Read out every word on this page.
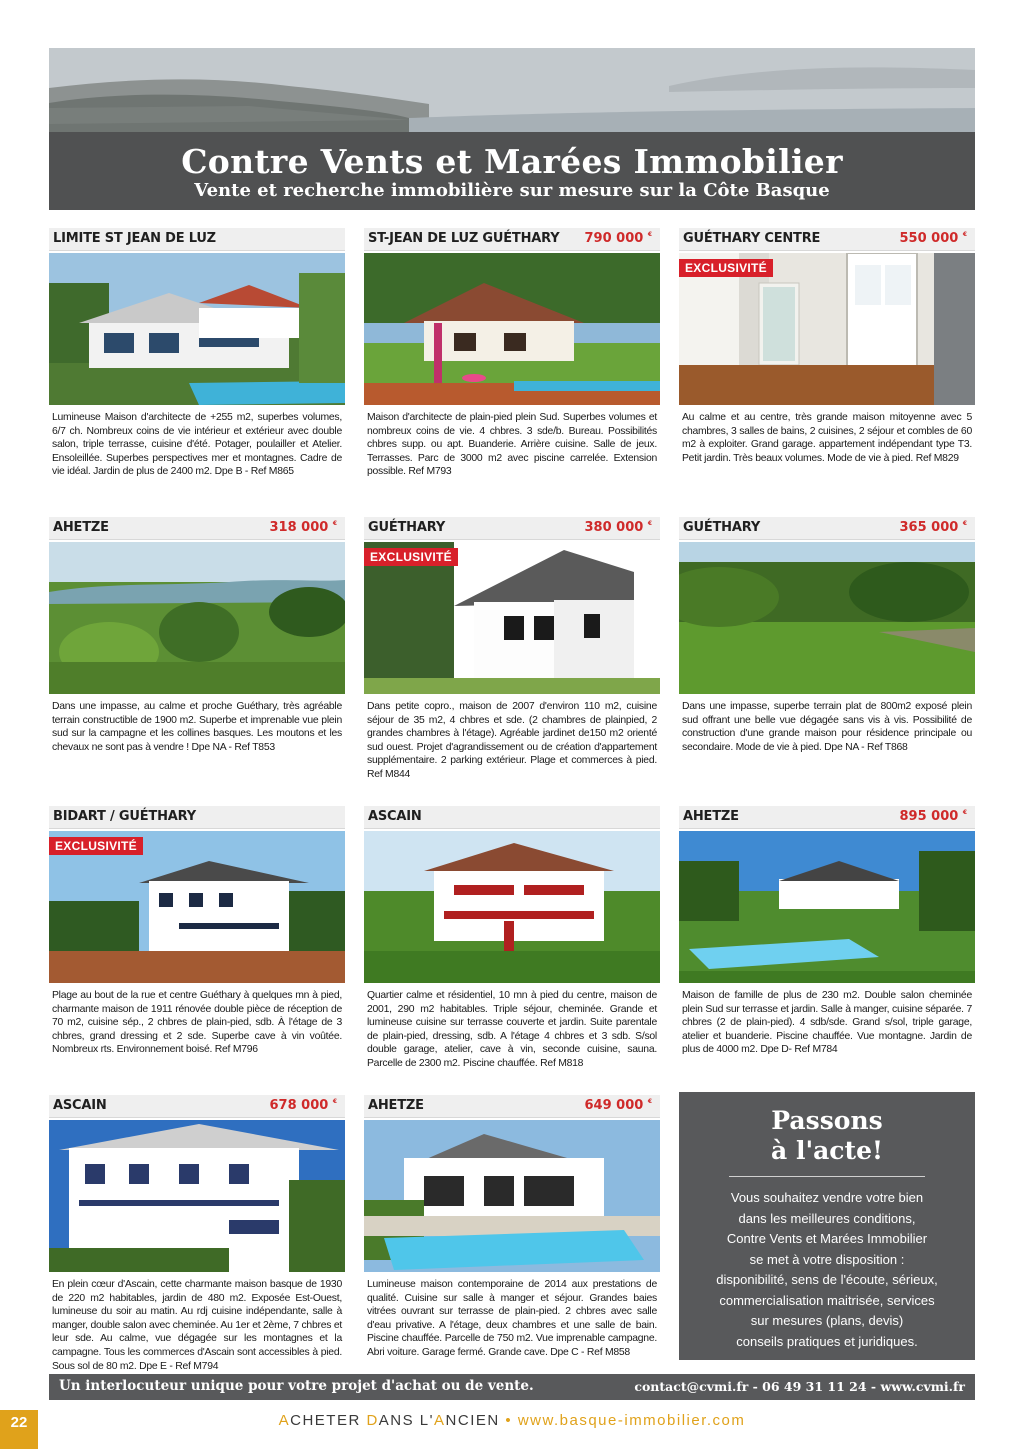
Contre Vents et Marées Immobilier
Vente et recherche immobilière sur mesure sur la Côte Basque
LIMITE ST JEAN DE LUZ
Lumineuse Maison d'architecte de +255 m2, superbes volumes, 6/7 ch. Nombreux coins de vie intérieur et extérieur avec double salon, triple terrasse, cuisine d'été. Potager, poulailler et Atelier. Ensoleillée. Superbes perspectives mer et montagnes. Cadre de vie idéal. Jardin de plus de 2400 m2. Dpe B - Ref M865
ST-JEAN DE LUZ GUÉTHARY 790 000 €
Maison d'architecte de plain-pied plein Sud. Superbes volumes et nombreux coins de vie. 4 chbres. 3 sde/b. Bureau. Possibilités chbres supp. ou apt. Buanderie. Arrière cuisine. Salle de jeux. Terrasses. Parc de 3000 m2 avec piscine carrelée. Extension possible. Ref M793
GUÉTHARY CENTRE	550 000 €
EXCLUSIVITÉ
Au calme et au centre, très grande maison mitoyenne avec 5 chambres, 3 salles de bains, 2 cuisines, 2 séjour et combles de 60 m2 à exploiter. Grand garage. appartement indépendant type T3. Petit jardin. Très beaux volumes. Mode de vie à pied. Ref M829
AHETZE	318 000 €
Dans une impasse, au calme et proche Guéthary, très agréable terrain constructible de 1900 m2. Superbe et imprenable vue plein sud sur la campagne et les collines basques. Les moutons et les chevaux ne sont pas à vendre ! Dpe NA - Ref T853
GUÉTHARY	380 000 €
EXCLUSIVITÉ
Dans petite copro., maison de 2007 d'environ 110 m2, cuisine séjour de 35 m2, 4 chbres et sde. (2 chambres de plainpied, 2 grandes chambres à l'étage). Agréable jardinet de150 m2 orienté sud ouest. Projet d'agrandissement ou de création d'appartement supplémentaire. 2 parking extérieur. Plage et commerces à pied. Ref M844
GUÉTHARY	365 000 €
Dans une impasse, superbe terrain plat de 800m2 exposé plein sud offrant une belle vue dégagée sans vis à vis. Possibilité de construction d'une grande maison pour résidence principale ou secondaire. Mode de vie à pied. Dpe NA - Ref T868
BIDART / GUÉTHARY
EXCLUSIVITÉ
Plage au bout de la rue et centre Guéthary à quelques mn à pied, charmante maison de 1911 rénovée double pièce de réception de 70 m2, cuisine sép., 2 chbres de plain-pied, sdb. À l'étage de 3 chbres, grand dressing et 2 sde. Superbe cave à vin voûtée. Nombreux rts. Environnement boisé. Ref M796
ASCAIN
Quartier calme et résidentiel, 10 mn à pied du centre, maison de 2001, 290 m2 habitables. Triple séjour, cheminée. Grande et lumineuse cuisine sur terrasse couverte et jardin. Suite parentale de plain-pied, dressing, sdb. A l'étage 4 chbres et 3 sdb. S/sol double garage, atelier, cave à vin, seconde cuisine, sauna. Parcelle de 2300 m2. Piscine chauffée. Ref M818
AHETZE	895 000 €
Maison de famille de plus de 230 m2. Double salon cheminée plein Sud sur terrasse et jardin. Salle à manger, cuisine séparée. 7 chbres (2 de plain-pied). 4 sdb/sde. Grand s/sol, triple garage, atelier et buanderie. Piscine chauffée. Vue montagne. Jardin de plus de 4000 m2. Dpe D- Ref M784
ASCAIN	678 000 €
En plein cœur d'Ascain, cette charmante maison basque de 1930 de 220 m2 habitables, jardin de 480 m2. Exposée Est-Ouest, lumineuse du soir au matin. Au rdj cuisine indépendante, salle à manger, double salon avec cheminée. Au 1er et 2ème, 7 chbres et leur sde. Au calme, vue dégagée sur les montagnes et la campagne. Tous les commerces d'Ascain sont accessibles à pied. Sous sol de 80 m2. Dpe E - Ref M794
AHETZE	649 000 €
Lumineuse maison contemporaine de 2014 aux prestations de qualité. Cuisine sur salle à manger et séjour. Grandes baies vitrées ouvrant sur terrasse de plain-pied. 2 chbres avec salle d'eau privative. A l'étage, deux chambres et une salle de bain. Piscine chauffée. Parcelle de 750 m2. Vue imprenable campagne. Abri voiture. Garage fermé. Grande cave. Dpe C - Ref M858
Passons
à l'acte!
Vous souhaitez vendre votre bien
dans les meilleures conditions,
Contre Vents et Marées Immobilier
se met à votre disposition :
disponibilité, sens de l'écoute, sérieux,
commercialisation maitrisée, services
sur mesures (plans, devis)
conseils pratiques et juridiques.
Un interlocuteur unique pour votre projet d'achat ou de vente.	contact@cvmi.fr - 06 49 31 11 24 - www.cvmi.fr
22	ACHETER DANS L'ANCIEN • www.basque-immobilier.com
